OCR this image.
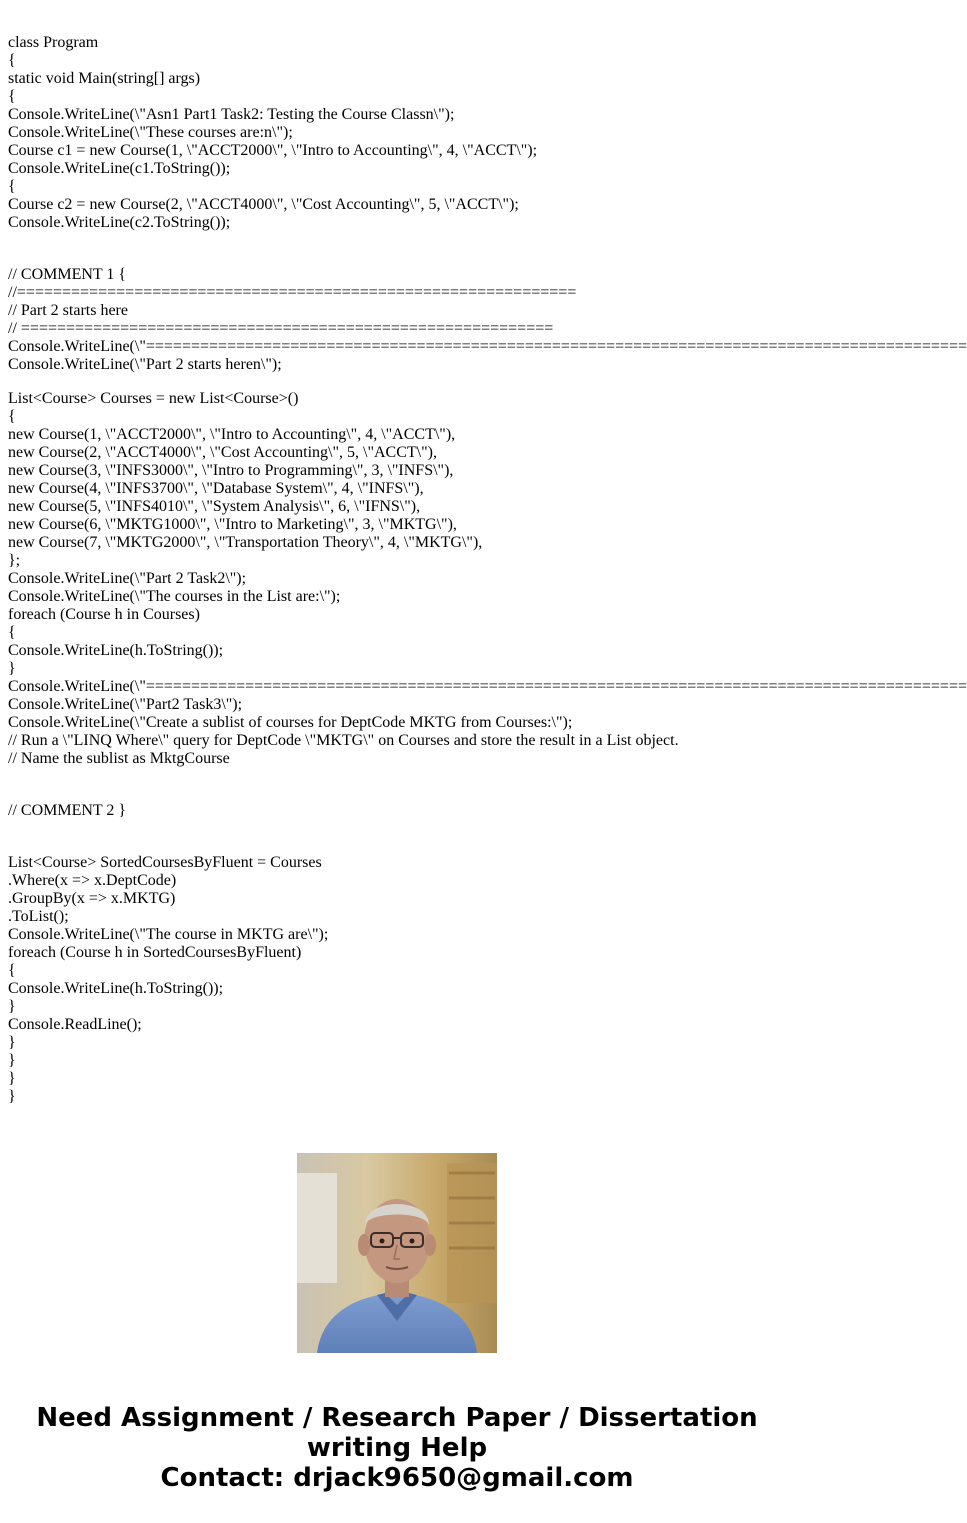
class Program
{
static void Main(string[] args)
{
Console.WriteLine(\"Asn1 Part1 Task2: Testing the Course Classn\");
Console.WriteLine(\"These courses are:n\");
Course c1 = new Course(1, \"ACCT2000\", \"Intro to Accounting\", 4, \"ACCT\");
Console.WriteLine(c1.ToString());
{
Course c2 = new Course(2, \"ACCT4000\", \"Cost Accounting\", 5, \"ACCT\");
Console.WriteLine(c2.ToString());
// COMMENT 1 {
//==============================================================
// Part 2 starts here
// ===========================================================
Console.WriteLine(\"===========================================================================================
Console.WriteLine(\"Part 2 starts heren\");
List<Course> Courses = new List<Course>()
{
new Course(1, \"ACCT2000\", \"Intro to Accounting\", 4, \"ACCT\"),
new Course(2, \"ACCT4000\", \"Cost Accounting\", 5, \"ACCT\"),
new Course(3, \"INFS3000\", \"Intro to Programming\", 3, \"INFS\"),
new Course(4, \"INFS3700\", \"Database System\", 4, \"INFS\"),
new Course(5, \"INFS4010\", \"System Analysis\", 6, \"IFNS\"),
new Course(6, \"MKTG1000\", \"Intro to Marketing\", 3, \"MKTG\"),
new Course(7, \"MKTG2000\", \"Transportation Theory\", 4, \"MKTG\"),
};
Console.WriteLine(\"Part 2 Task2\");
Console.WriteLine(\"The courses in the List are:\");
foreach (Course h in Courses)
{
Console.WriteLine(h.ToString());
}
Console.WriteLine(\"===========================================================================================
Console.WriteLine(\"Part2 Task3\");
Console.WriteLine(\"Create a sublist of courses for DeptCode MKTG from Courses:\");
// Run a \"LINQ Where\" query for DeptCode \"MKTG\" on Courses and store the result in a List object.
// Name the sublist as MktgCourse
// COMMENT 2 }
List<Course> SortedCoursesByFluent = Courses
.Where(x => x.DeptCode)
.GroupBy(x => x.MKTG)
.ToList();
Console.WriteLine(\"The course in MKTG are\");
foreach (Course h in SortedCoursesByFluent)
{
Console.WriteLine(h.ToString());
}
Console.ReadLine();
}
}
}
}
Need Assignment / Research Paper / Dissertation
writing Help
Contact: drjack9650@gmail.com
